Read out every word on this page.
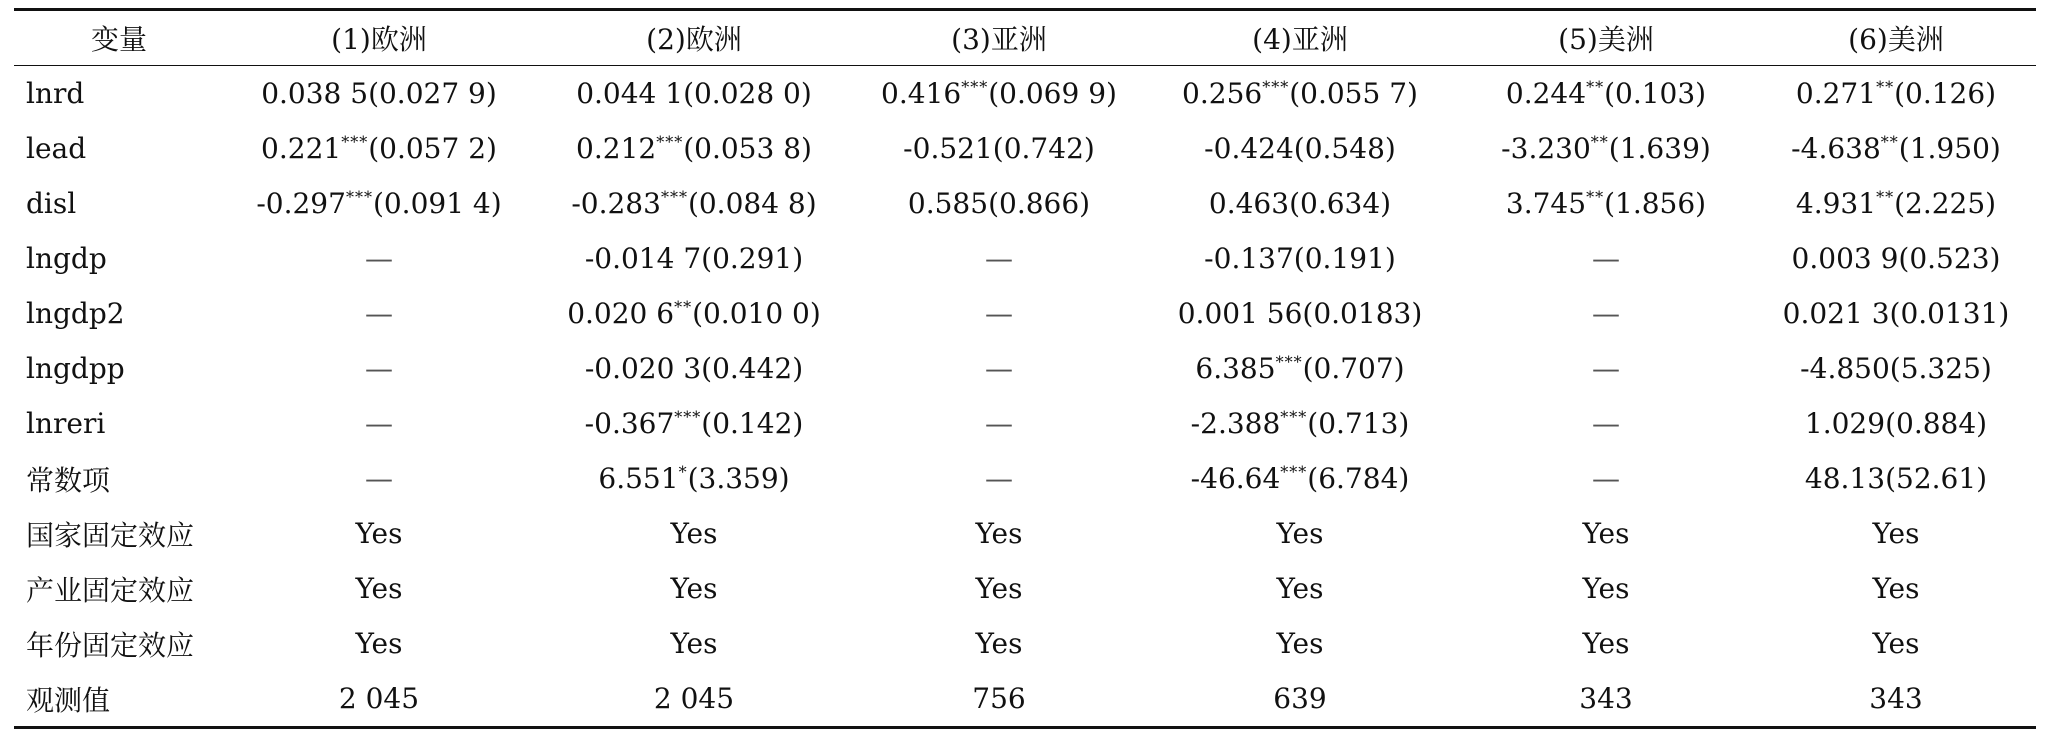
变量	(1)欧洲	(2)欧洲	(3)亚洲	(4)亚洲	(5)美洲	(6)美洲
lnrd	0.038 5(0.027 9)	0.044 1(0.028 0)	0.416***(0.069 9)	0.256***(0.055 7)	0.244**(0.103)	0.271**(0.126)
lead	0.221***(0.057 2)	0.212***(0.053 8)	-0.521(0.742)	-0.424(0.548)	-3.230**(1.639)	-4.638**(1.950)
disl	-0.297***(0.091 4)	-0.283***(0.084 8)	0.585(0.866)	0.463(0.634)	3.745**(1.856)	4.931**(2.225)
lngdp	—	-0.014 7(0.291)	—	-0.137(0.191)	—	0.003 9(0.523)
lngdp2	—	0.020 6**(0.010 0)	—	0.001 56(0.0183)	—	0.021 3(0.0131)
lngdpp	—	-0.020 3(0.442)	—	6.385***(0.707)	—	-4.850(5.325)
lnreri	—	-0.367***(0.142)	—	-2.388***(0.713)	—	1.029(0.884)
常数项	—	6.551*(3.359)	—	-46.64***(6.784)	—	48.13(52.61)
国家固定效应	Yes	Yes	Yes	Yes	Yes	Yes
产业固定效应	Yes	Yes	Yes	Yes	Yes	Yes
年份固定效应	Yes	Yes	Yes	Yes	Yes	Yes
观测值	2 045	2 045	756	639	343	343
